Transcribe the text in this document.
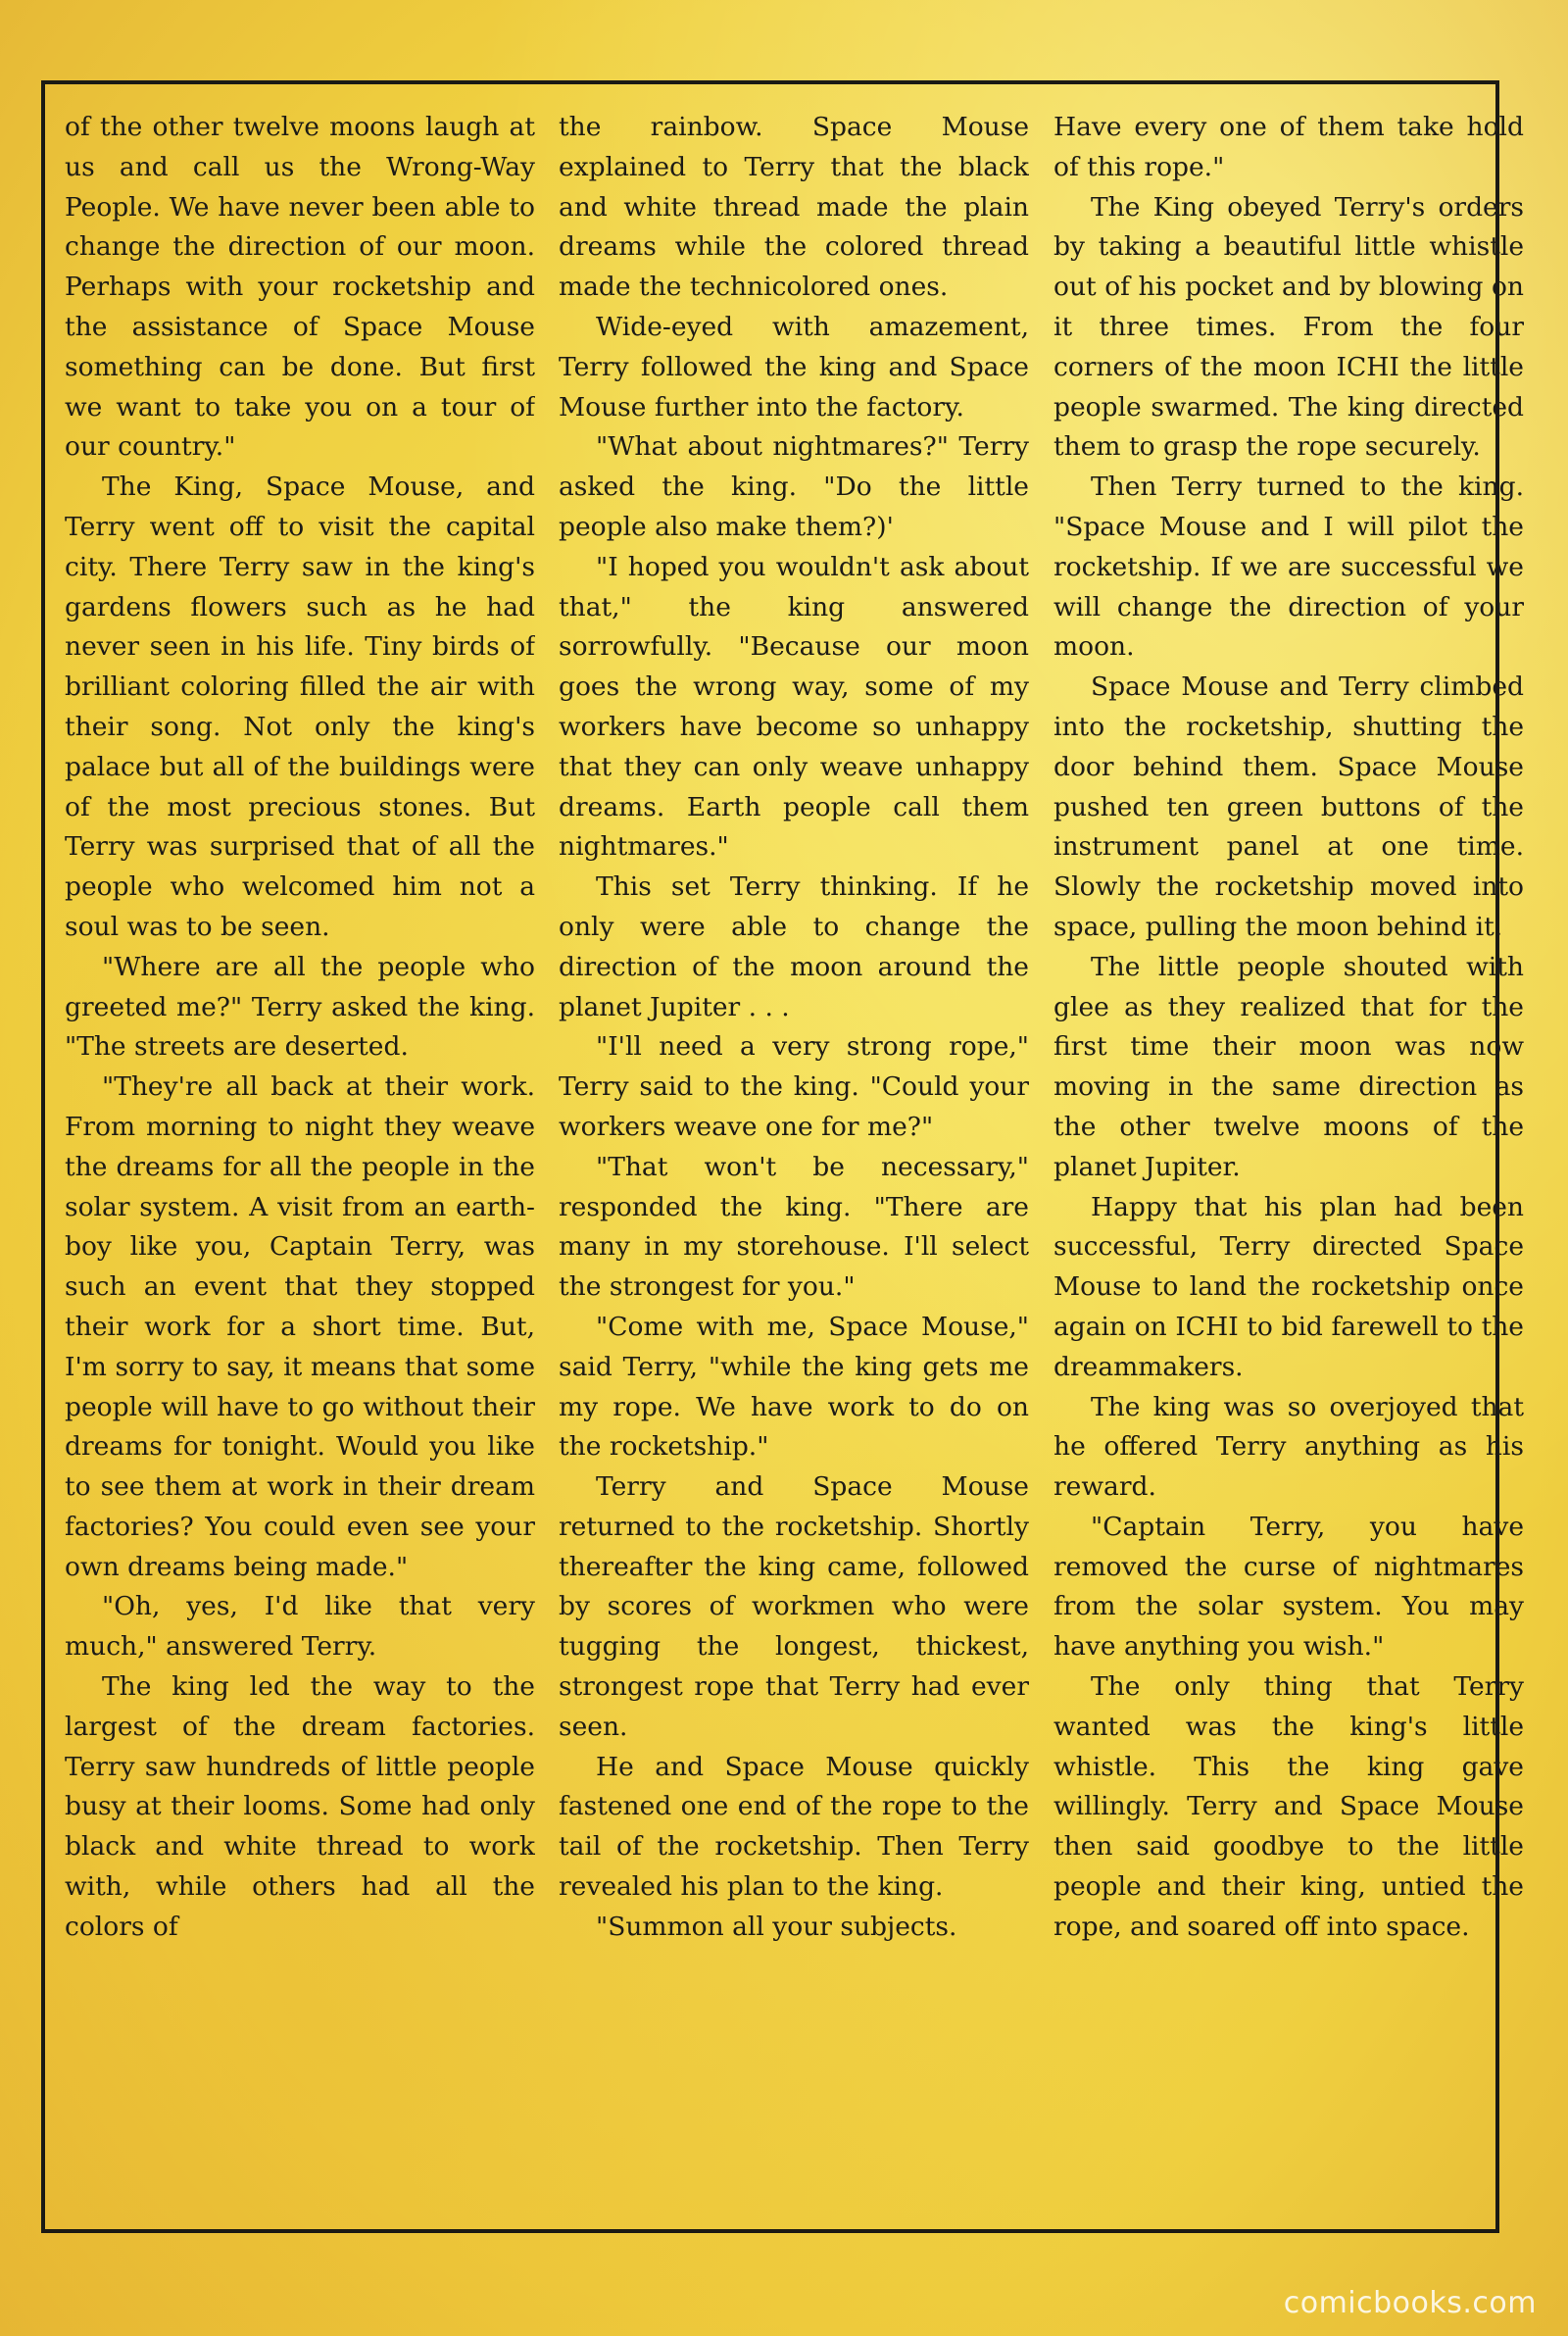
of the other twelve moons laugh at us and call us the Wrong-Way People. We have never been able to change the direction of our moon. Perhaps with your rocketship and the assistance of Space Mouse something can be done. But first we want to take you on a tour of our country."

The King, Space Mouse, and Terry went off to visit the capital city. There Terry saw in the king's gardens flowers such as he had never seen in his life. Tiny birds of brilliant coloring filled the air with their song. Not only the king's palace but all of the buildings were of the most precious stones. But Terry was surprised that of all the people who welcomed him not a soul was to be seen.

"Where are all the people who greeted me?" Terry asked the king. "The streets are deserted.

"They're all back at their work. From morning to night they weave the dreams for all the people in the solar system. A visit from an earth-boy like you, Captain Terry, was such an event that they stopped their work for a short time. But, I'm sorry to say, it means that some people will have to go without their dreams for tonight. Would you like to see them at work in their dream factories? You could even see your own dreams being made."

"Oh, yes, I'd like that very much," answered Terry.

The king led the way to the largest of the dream factories. Terry saw hundreds of little people busy at their looms. Some had only black and white thread to work with, while others had all the colors of

the rainbow. Space Mouse explained to Terry that the black and white thread made the plain dreams while the colored thread made the technicolored ones.

Wide-eyed with amazement, Terry followed the king and Space Mouse further into the factory.

"What about nightmares?" Terry asked the king. "Do the little people also make them?)'

"I hoped you wouldn't ask about that," the king answered sorrowfully. "Because our moon goes the wrong way, some of my workers have become so unhappy that they can only weave unhappy dreams. Earth people call them nightmares."

This set Terry thinking. If he only were able to change the direction of the moon around the planet Jupiter . . .

"I'll need a very strong rope," Terry said to the king. "Could your workers weave one for me?"

"That won't be necessary," responded the king. "There are many in my storehouse. I'll select the strongest for you."

"Come with me, Space Mouse," said Terry, "while the king gets me my rope. We have work to do on the rocketship."

Terry and Space Mouse returned to the rocketship. Shortly thereafter the king came, followed by scores of workmen who were tugging the longest, thickest, strongest rope that Terry had ever seen.

He and Space Mouse quickly fastened one end of the rope to the tail of the rocketship. Then Terry revealed his plan to the king.

"Summon all your subjects.

Have every one of them take hold of this rope."

The King obeyed Terry's orders by taking a beautiful little whistle out of his pocket and by blowing on it three times. From the four corners of the moon ICHI the little people swarmed. The king directed them to grasp the rope securely.

Then Terry turned to the king. "Space Mouse and I will pilot the rocketship. If we are successful we will change the direction of your moon.

Space Mouse and Terry climbed into the rocketship, shutting the door behind them. Space Mouse pushed ten green buttons of the instrument panel at one time. Slowly the rocketship moved into space, pulling the moon behind it.

The little people shouted with glee as they realized that for the first time their moon was now moving in the same direction as the other twelve moons of the planet Jupiter.

Happy that his plan had been successful, Terry directed Space Mouse to land the rocketship once again on ICHI to bid farewell to the dreammakers.

The king was so overjoyed that he offered Terry anything as his reward.

"Captain Terry, you have removed the curse of nightmares from the solar system. You may have anything you wish."

The only thing that Terry wanted was the king's little whistle. This the king gave willingly. Terry and Space Mouse then said goodbye to the little people and their king, untied the rope, and soared off into space.

comicbooks.com
